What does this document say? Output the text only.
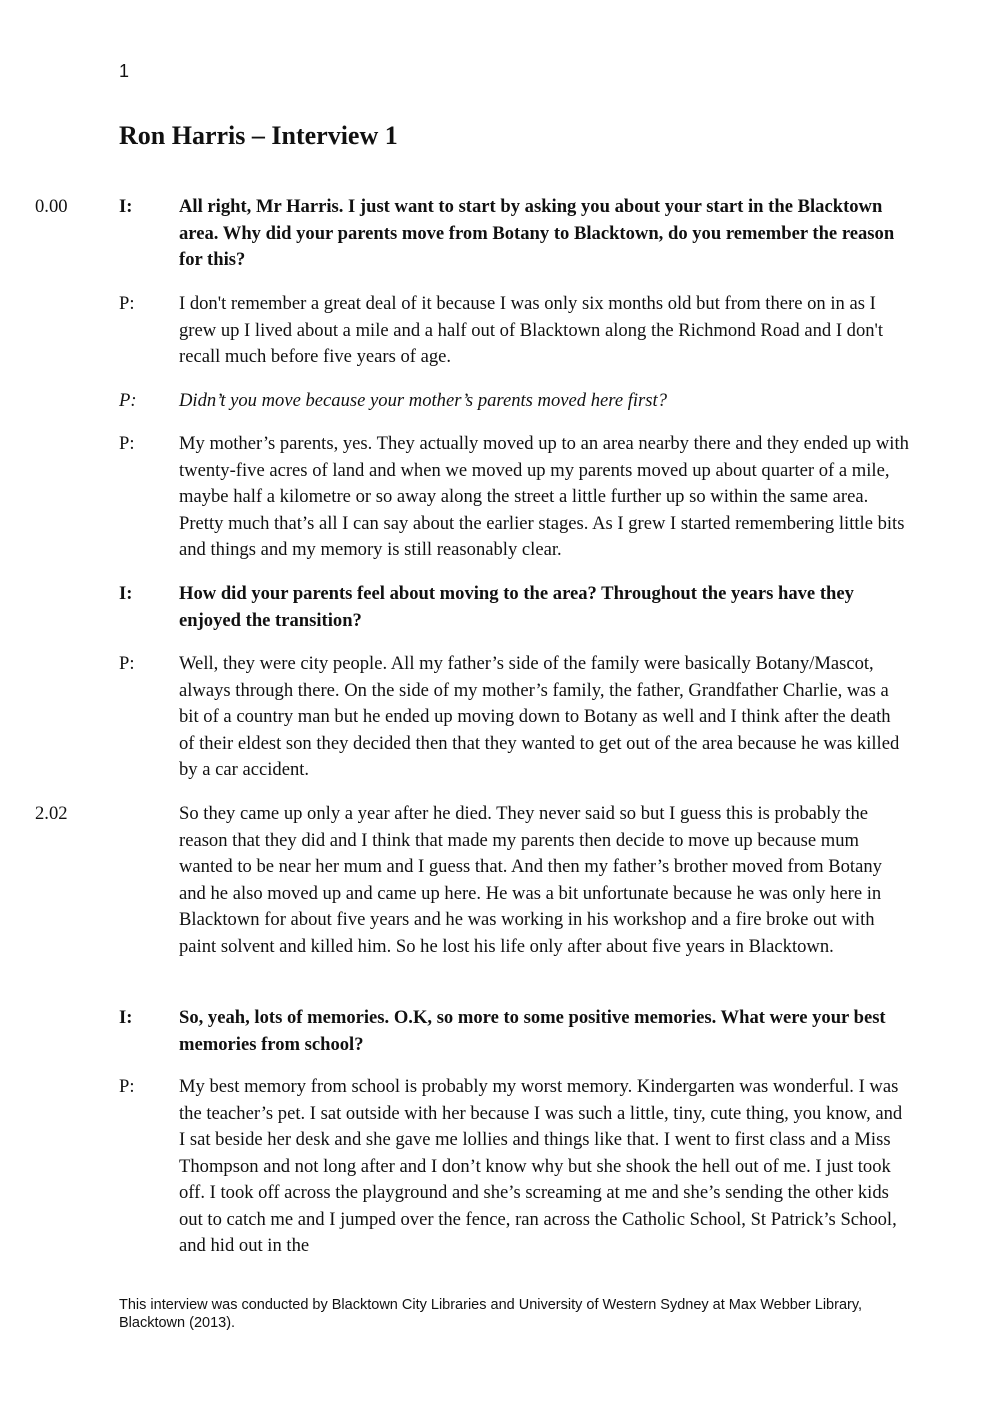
1
Ron Harris – Interview 1
0.00	I:	All right, Mr Harris. I just want to start by asking you about your start in the Blacktown area. Why did your parents move from Botany to Blacktown, do you remember the reason for this?

P: I don't remember a great deal of it because I was only six months old but from there on in as I grew up I lived about a mile and a half out of Blacktown along the Richmond Road and I don't recall much before five years of age.

P: Didn’t you move because your mother’s parents moved here first?

P: My mother’s parents, yes. They actually moved up to an area nearby there and they ended up with twenty-five acres of land and when we moved up my parents moved up about quarter of a mile, maybe half a kilometre or so away along the street a little further up so within the same area. Pretty much that’s all I can say about the earlier stages. As I grew I started remembering little bits and things and my memory is still reasonably clear.

I:	How did your parents feel about moving to the area? Throughout the years have they enjoyed the transition?

P: Well, they were city people. All my father’s side of the family were basically Botany/Mascot, always through there. On the side of my mother’s family, the father, Grandfather Charlie, was a bit of a country man but he ended up moving down to Botany as well and I think after the death of their eldest son they decided then that they wanted to get out of the area because he was killed by a car accident.

2.02	So they came up only a year after he died. They never said so but I guess this is probably the reason that they did and I think that made my parents then decide to move up because mum wanted to be near her mum and I guess that. And then my father’s brother moved from Botany and he also moved up and came up here. He was a bit unfortunate because he was only here in Blacktown for about five years and he was working in his workshop and a fire broke out with paint solvent and killed him. So he lost his life only after about five years in Blacktown.

I:	So, yeah, lots of memories. O.K, so more to some positive memories. What were your best memories from school?

P: My best memory from school is probably my worst memory. Kindergarten was wonderful. I was the teacher’s pet. I sat outside with her because I was such a little, tiny, cute thing, you know, and I sat beside her desk and she gave me lollies and things like that. I went to first class and a Miss Thompson and not long after and I don’t know why but she shook the hell out of me. I just took off. I took off across the playground and she’s screaming at me and she’s sending the other kids out to catch me and I jumped over the fence, ran across the Catholic School, St Patrick’s School, and hid out in the

This interview was conducted by Blacktown City Libraries and University of Western Sydney at Max Webber Library, Blacktown (2013).
